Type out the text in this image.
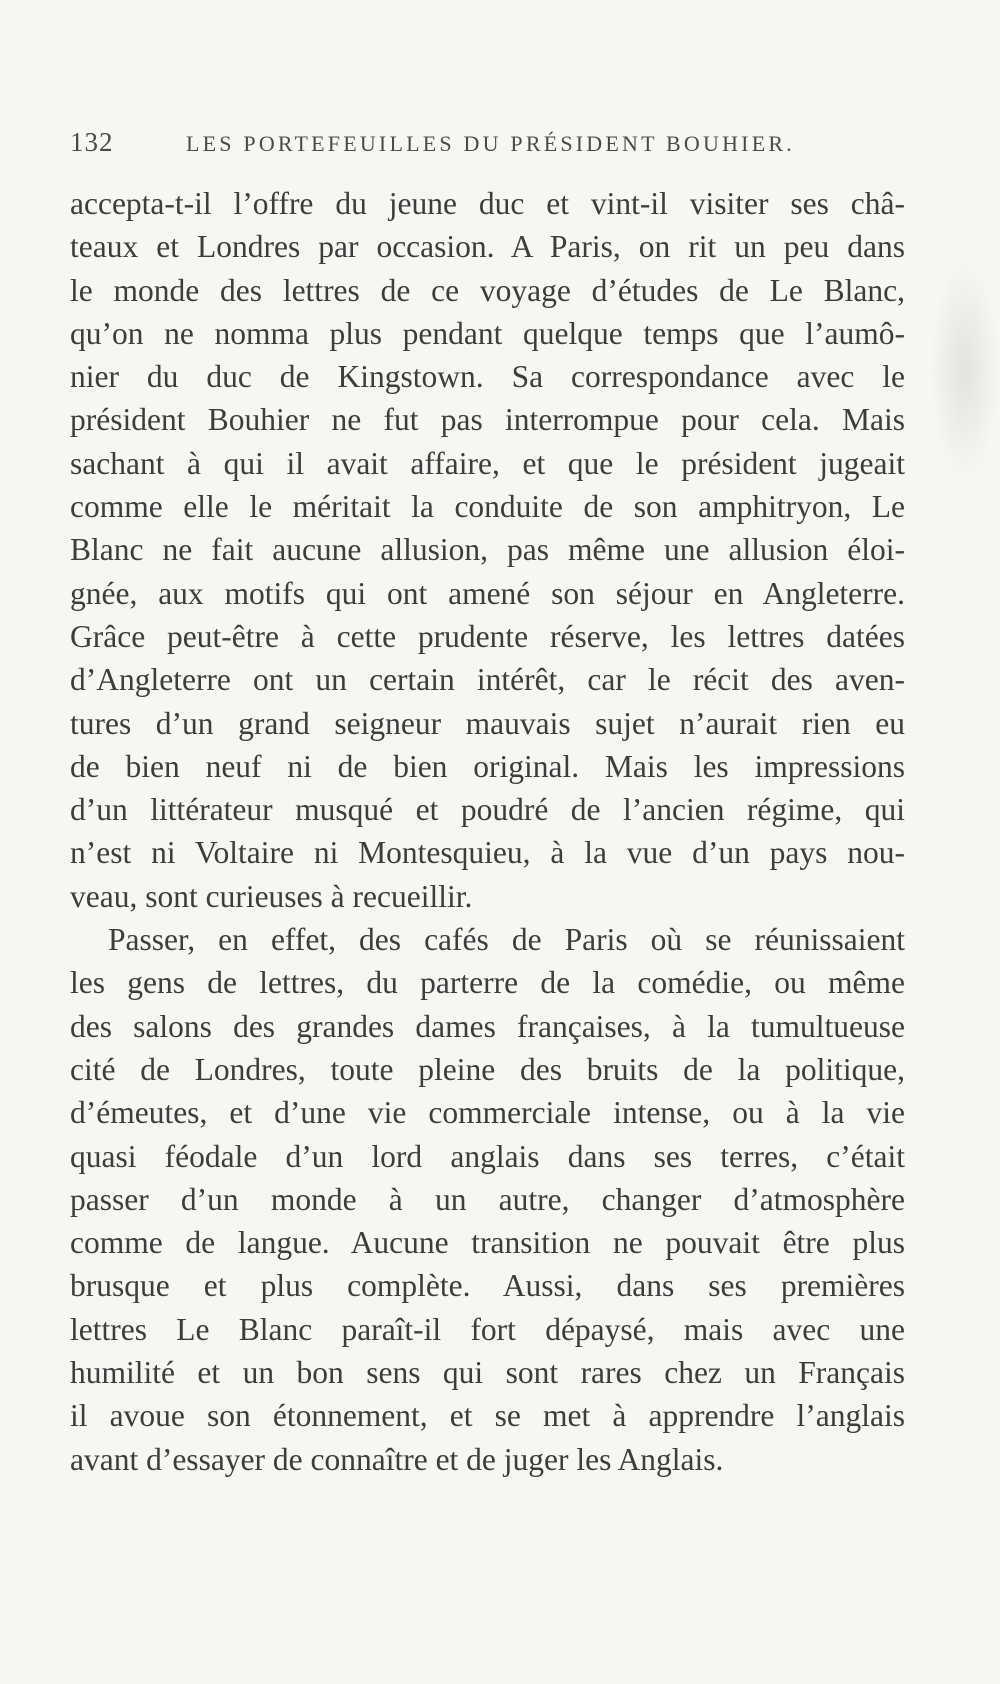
132	LES PORTEFEUILLES DU PRÉSIDENT BOUHIER.
accepta-t-il l’offre du jeune duc et vint-il visiter ses châ-
teaux et Londres par occasion. A Paris, on rit un peu dans
le monde des lettres de ce voyage d’études de Le Blanc,
qu’on ne nomma plus pendant quelque temps que l’aumô-
nier du duc de Kingstown. Sa correspondance avec le
président Bouhier ne fut pas interrompue pour cela. Mais
sachant à qui il avait affaire, et que le président jugeait
comme elle le méritait la conduite de son amphitryon, Le
Blanc ne fait aucune allusion, pas même une allusion éloi-
gnée, aux motifs qui ont amené son séjour en Angleterre.
Grâce peut-être à cette prudente réserve, les lettres datées
d’Angleterre ont un certain intérêt, car le récit des aven-
tures d’un grand seigneur mauvais sujet n’aurait rien eu
de bien neuf ni de bien original. Mais les impressions
d’un littérateur musqué et poudré de l’ancien régime, qui
n’est ni Voltaire ni Montesquieu, à la vue d’un pays nou-
veau, sont curieuses à recueillir.
Passer, en effet, des cafés de Paris où se réunissaient
les gens de lettres, du parterre de la comédie, ou même
des salons des grandes dames françaises, à la tumultueuse
cité de Londres, toute pleine des bruits de la politique,
d’émeutes, et d’une vie commerciale intense, ou à la vie
quasi féodale d’un lord anglais dans ses terres, c’était
passer d’un monde à un autre, changer d’atmosphère
comme de langue. Aucune transition ne pouvait être plus
brusque et plus complète. Aussi, dans ses premières
lettres Le Blanc paraît-il fort dépaysé, mais avec une
humilité et un bon sens qui sont rares chez un Français
il avoue son étonnement, et se met à apprendre l’anglais
avant d’essayer de connaître et de juger les Anglais.
